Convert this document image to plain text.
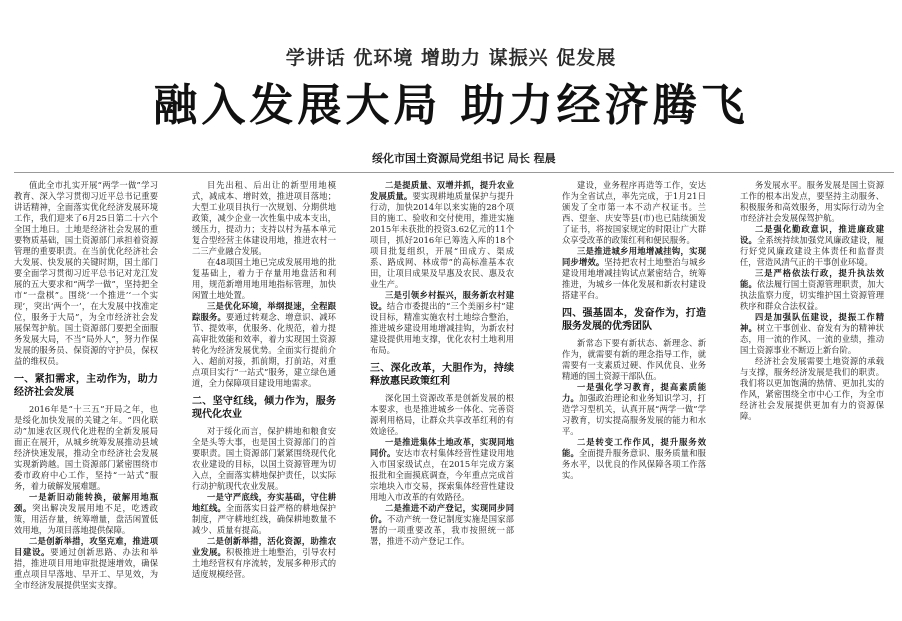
学讲话 优环境 增助力 谋振兴 促发展
融入发展大局 助力经济腾飞
绥化市国土资源局党组书记 局长 程晨

值此全市扎实开展“两学一做”学习教育、深入学习贯彻习近平总书记重要讲话精神，全面落实优化经济发展环境工作，我们迎来了6月25日第二十六个全国土地日。土地是经济社会发展的重要物质基础，国土资源部门承担着资源管理的重要职责。在当前优化经济社会大发展、快发展的关键时期，国土部门要全面学习贯彻习近平总书记对龙江发展的五大要求和“两学一做”，坚持把全市“一盘棋”。围绕‘一个推进’‘一个实现’，突出‘两个一’，在大发展中找准定位，服务于大局”，为全市经济社会发展保驾护航。国土资源部门要把全面服务发展大局，不当“局外人”，努力作保发展的服务员、保资源的守护员，保权益的维权员。

一、紧扣需求，主动作为，助力经济社会发展

2016年是“十三五”开局之年，也是绥化加快发展的关键之年。“四化联动”加速农区现代化进程的全新发展局面正在展开，从城乡统筹发展推动县域经济快速发展，推动全市经济社会发展实现新跨越。国土资源部门紧密围绕市委市政府中心工作，坚持“一站式”服务，着力破解发展难题。

一是新旧动能转换，破解用地瓶颈。突出解决发展用地不足，吃透政策，用活存量，统筹增量，盘活闲置低效用地，为项目落地提供保障。

二是创新举措，攻坚克难，推进项目建设。要通过创新思路、办法和举措，推进项目用地审批提速增效，确保重点项目早落地、早开工、早见效，为全市经济发展提供坚实支撑。

目先出租、后出让的新型用地模式，减成本、增时效，推进项目落地；大型工业项目执行一次规划、分期供地政策，减少企业一次性集中成本支出，缓压力，提动力；支持以村为基本单元复合型经营主体建设用地，推进农村一二三产业融合发展。

在48项国土地已完成发展用地的批复基础上，着力于存量用地盘活和利用，规范新增用地用地指标管理，加快闲置土地处置。

三是优化环境，举纲提速，全程跟踪服务。要通过转观念、增意识、减环节、提效率，优服务、化规范，着力提高审批效能和效率，着力实现国土资源转化为经济发展优势。全面实行提前介入、超前对接，抓前期，打前站，对重点项目实行“一站式”服务，建立绿色通道，全力保障项目建设用地需求。

二、坚守红线，倾力作为，服务现代化农业

对于绥化而言，保护耕地和粮食安全是头等大事，也是国土资源部门的首要职责。国土资源部门紧紧围绕现代化农业建设的目标，以国土资源管理为切入点，全面落实耕地保护责任，以实际行动护航现代农业发展。

一是守严底线，夯实基础，守住耕地红线。全面落实日益严格的耕地保护制度，严守耕地红线，确保耕地数量不减少、质量有提高。

二是创新举措，活化资源，助推农业发展。积极推进土地整治，引导农村土地经营权有序流转，发展多种形式的适度规模经营。

二是提质量、双增并抓，提升农业发展质量。要实现耕地质量保护与提升行动，加快2014年以来实施的28个项目的施工、验收和交付使用，推进实施2015年未获批的投资3.62亿元的11个项目，抓好2016年已筹选入库的18个项目批复组织，开展“田成方、渠成系、路成网、林成带”的高标准基本农田，让项目成果及早惠及农民、惠及农业生产。

三是引领乡村振兴，服务新农村建设。结合市委提出的“三个美丽乡村”建设目标，精准实施农村土地综合整治，推进城乡建设用地增减挂钩，为新农村建设提供用地支撑，优化农村土地利用布局。

三、深化改革，大胆作为，持续释放惠民政策红利

深化国土资源改革是创新发展的根本要求，也是推进城乡一体化、完善资源利用格局，让群众共享改革红利的有效途径。

一是推进集体土地改革，实现同地同价。安达市农村集体经营性建设用地入市国家级试点，在2015年完成方案报批和全面摸底调查，今年重点完成首宗地块入市交易，探索集体经营性建设用地入市改革的有效路径。

二是推进不动产登记，实现同步同价。不动产统一登记制度实施是国家部署的一项重要改革，我市按照统一部署，推进不动产登记工作。

建设，业务程序再造等工作，安达作为全省试点，率先完成，于1月21日颁发了全市第一本不动产权证书。兰西、望奎、庆安等县(市)也已陆续颁发了证书，将按国家规定的时限让广大群众享受改革的政策红利和便民服务。

三是推进城乡用地增减挂钩，实现同步增效。坚持把农村土地整治与城乡建设用地增减挂钩试点紧密结合，统筹推进，为城乡一体化发展和新农村建设搭建平台。

四、强基固本，发奋作为，打造服务发展的优秀团队

新常态下要有新状态、新理念、新作为，就需要有新的理念指导工作，就需要有一支素质过硬、作风优良、业务精通的国土资源干部队伍。

一是强化学习教育，提高素质能力。加强政治理论和业务知识学习，打造学习型机关，认真开展“两学一做”学习教育，切实提高服务发展的能力和水平。

二是转变工作作风，提升服务效能。全面提升服务意识、服务质量和服务水平，以优良的作风保障各项工作落实。

务发展水平。服务发展是国土资源工作的根本出发点，要坚持主动服务、积极服务和高效服务，用实际行动为全市经济社会发展保驾护航。

二是强化勤政意识，推进廉政建设。全系统持续加强党风廉政建设，履行好党风廉政建设主体责任和监督责任，营造风清气正的干事创业环境。

三是严格依法行政，提升执法效能。依法履行国土资源管理职责，加大执法监察力度，切实维护国土资源管理秩序和群众合法权益。

四是加强队伍建设，提振工作精神。树立干事创业、奋发有为的精神状态，用一流的作风、一流的业绩，推动国土资源事业不断迈上新台阶。

经济社会发展需要土地资源的承载与支撑，服务经济发展是我们的职责。我们将以更加饱满的热情、更加扎实的作风，紧密围绕全市中心工作，为全市经济社会发展提供更加有力的资源保障。
